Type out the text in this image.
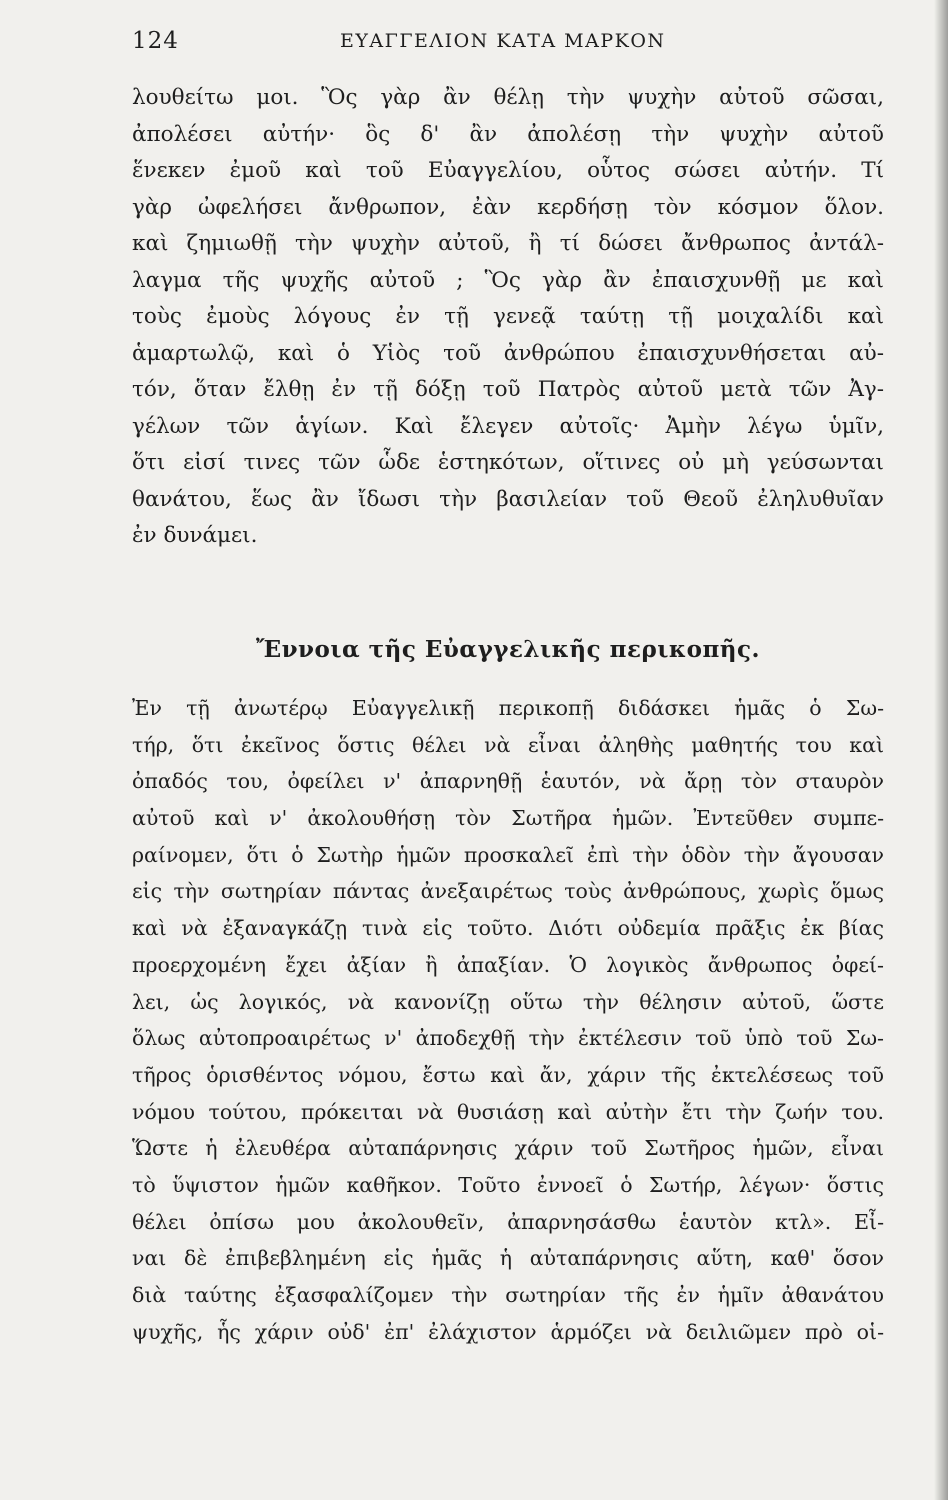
124	ΕΥΑΓΓΕΛΙΟΝ ΚΑΤΑ ΜΑΡΚΟΝ
λουθείτω μοι. Ὃς γὰρ ἂν θέλῃ τὴν ψυχὴν αὐτοῦ σῶσαι,
ἀπολέσει αὐτήν· ὃς δ' ἂν ἀπολέσῃ τὴν ψυχὴν αὐτοῦ
ἕνεκεν ἐμοῦ καὶ τοῦ Εὐαγγελίου, οὗτος σώσει αὐτήν. Τί
γὰρ ὠφελήσει ἄνθρωπον, ἐὰν κερδήσῃ τὸν κόσμον ὅλον.
καὶ ζημιωθῇ τὴν ψυχὴν αὐτοῦ, ἢ τί δώσει ἄνθρωπος ἀντάλ-
λαγμα τῆς ψυχῆς αὐτοῦ ; Ὃς γὰρ ἂν ἐπαισχυνθῇ με καὶ
τοὺς ἐμοὺς λόγους ἐν τῇ γενεᾷ ταύτῃ τῇ μοιχαλίδι καὶ
ἁμαρτωλῷ, καὶ ὁ Υἱὸς τοῦ ἀνθρώπου ἐπαισχυνθήσεται αὐ-
τόν, ὅταν ἔλθῃ ἐν τῇ δόξῃ τοῦ Πατρὸς αὐτοῦ μετὰ τῶν Ἀγ-
γέλων τῶν ἁγίων. Καὶ ἔλεγεν αὐτοῖς· Ἀμὴν λέγω ὑμῖν,
ὅτι εἰσί τινες τῶν ὧδε ἑστηκότων, οἵτινες οὐ μὴ γεύσωνται
θανάτου, ἕως ἂν ἴδωσι τὴν βασιλείαν τοῦ Θεοῦ ἐληλυθυῖαν
ἐν δυνάμει.
Ἔννοια τῆς Εὐαγγελικῆς περικοπῆς.
Ἐν τῇ ἀνωτέρῳ Εὐαγγελικῇ περικοπῇ διδάσκει ἡμᾶς ὁ Σω-
τήρ, ὅτι ἐκεῖνος ὅστις θέλει νὰ εἶναι ἀληθὴς μαθητής του καὶ
ὀπαδός του, ὀφείλει ν' ἀπαρνηθῇ ἑαυτόν, νὰ ἄρῃ τὸν σταυρὸν
αὐτοῦ καὶ ν' ἀκολουθήσῃ τὸν Σωτῆρα ἡμῶν. Ἐντεῦθεν συμπε-
ραίνομεν, ὅτι ὁ Σωτὴρ ἡμῶν προσκαλεῖ ἐπὶ τὴν ὁδὸν τὴν ἄγουσαν
εἰς τὴν σωτηρίαν πάντας ἀνεξαιρέτως τοὺς ἀνθρώπους, χωρὶς ὅμως
καὶ νὰ ἐξαναγκάζῃ τινὰ εἰς τοῦτο. Διότι οὐδεμία πρᾶξις ἐκ βίας
προερχομένη ἔχει ἀξίαν ἢ ἀπαξίαν. Ὁ λογικὸς ἄνθρωπος ὀφεί-
λει, ὡς λογικός, νὰ κανονίζῃ οὕτω τὴν θέλησιν αὐτοῦ, ὥστε
ὅλως αὐτοπροαιρέτως ν' ἀποδεχθῇ τὴν ἐκτέλεσιν τοῦ ὑπὸ τοῦ Σω-
τῆρος ὁρισθέντος νόμου, ἔστω καὶ ἄν, χάριν τῆς ἐκτελέσεως τοῦ
νόμου τούτου, πρόκειται νὰ θυσιάσῃ καὶ αὐτὴν ἔτι τὴν ζωήν του.
Ὥστε ἡ ἐλευθέρα αὐταπάρνησις χάριν τοῦ Σωτῆρος ἡμῶν, εἶναι
τὸ ὕψιστον ἡμῶν καθῆκον. Τοῦτο ἐννοεῖ ὁ Σωτήρ, λέγων· ὅστις
θέλει ὀπίσω μου ἀκολουθεῖν, ἀπαρνησάσθω ἑαυτὸν κτλ». Εἶ-
ναι δὲ ἐπιβεβλημένη εἰς ἡμᾶς ἡ αὐταπάρνησις αὕτη, καθ' ὅσον
διὰ ταύτης ἐξασφαλίζομεν τὴν σωτηρίαν τῆς ἐν ἡμῖν ἀθανάτου
ψυχῆς, ἧς χάριν οὐδ' ἐπ' ἐλάχιστον ἁρμόζει νὰ δειλιῶμεν πρὸ οἱ-
